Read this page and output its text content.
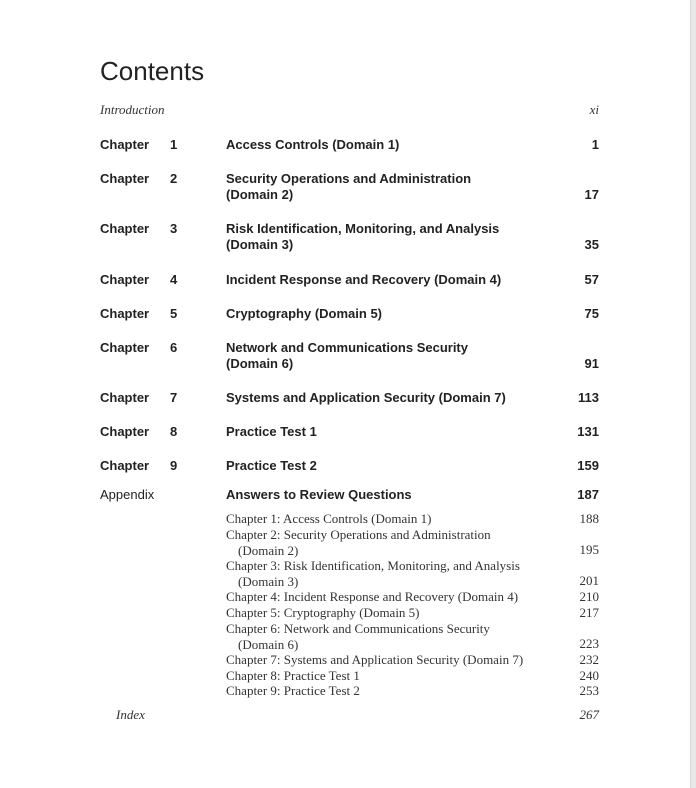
Contents
Introduction	xi
Chapter 1	Access Controls (Domain 1)	1
Chapter 2	Security Operations and Administration (Domain 2)	17
Chapter 3	Risk Identification, Monitoring, and Analysis (Domain 3)	35
Chapter 4	Incident Response and Recovery (Domain 4)	57
Chapter 5	Cryptography (Domain 5)	75
Chapter 6	Network and Communications Security (Domain 6)	91
Chapter 7	Systems and Application Security (Domain 7)	113
Chapter 8	Practice Test 1	131
Chapter 9	Practice Test 2	159
Appendix	Answers to Review Questions	187
Chapter 1: Access Controls (Domain 1)	188
Chapter 2: Security Operations and Administration
(Domain 2)	195
Chapter 3: Risk Identification, Monitoring, and Analysis
(Domain 3)	201
Chapter 4: Incident Response and Recovery (Domain 4)	210
Chapter 5: Cryptography (Domain 5)	217
Chapter 6: Network and Communications Security
(Domain 6)	223
Chapter 7: Systems and Application Security (Domain 7)	232
Chapter 8: Practice Test 1	240
Chapter 9: Practice Test 2	253
Index	267
